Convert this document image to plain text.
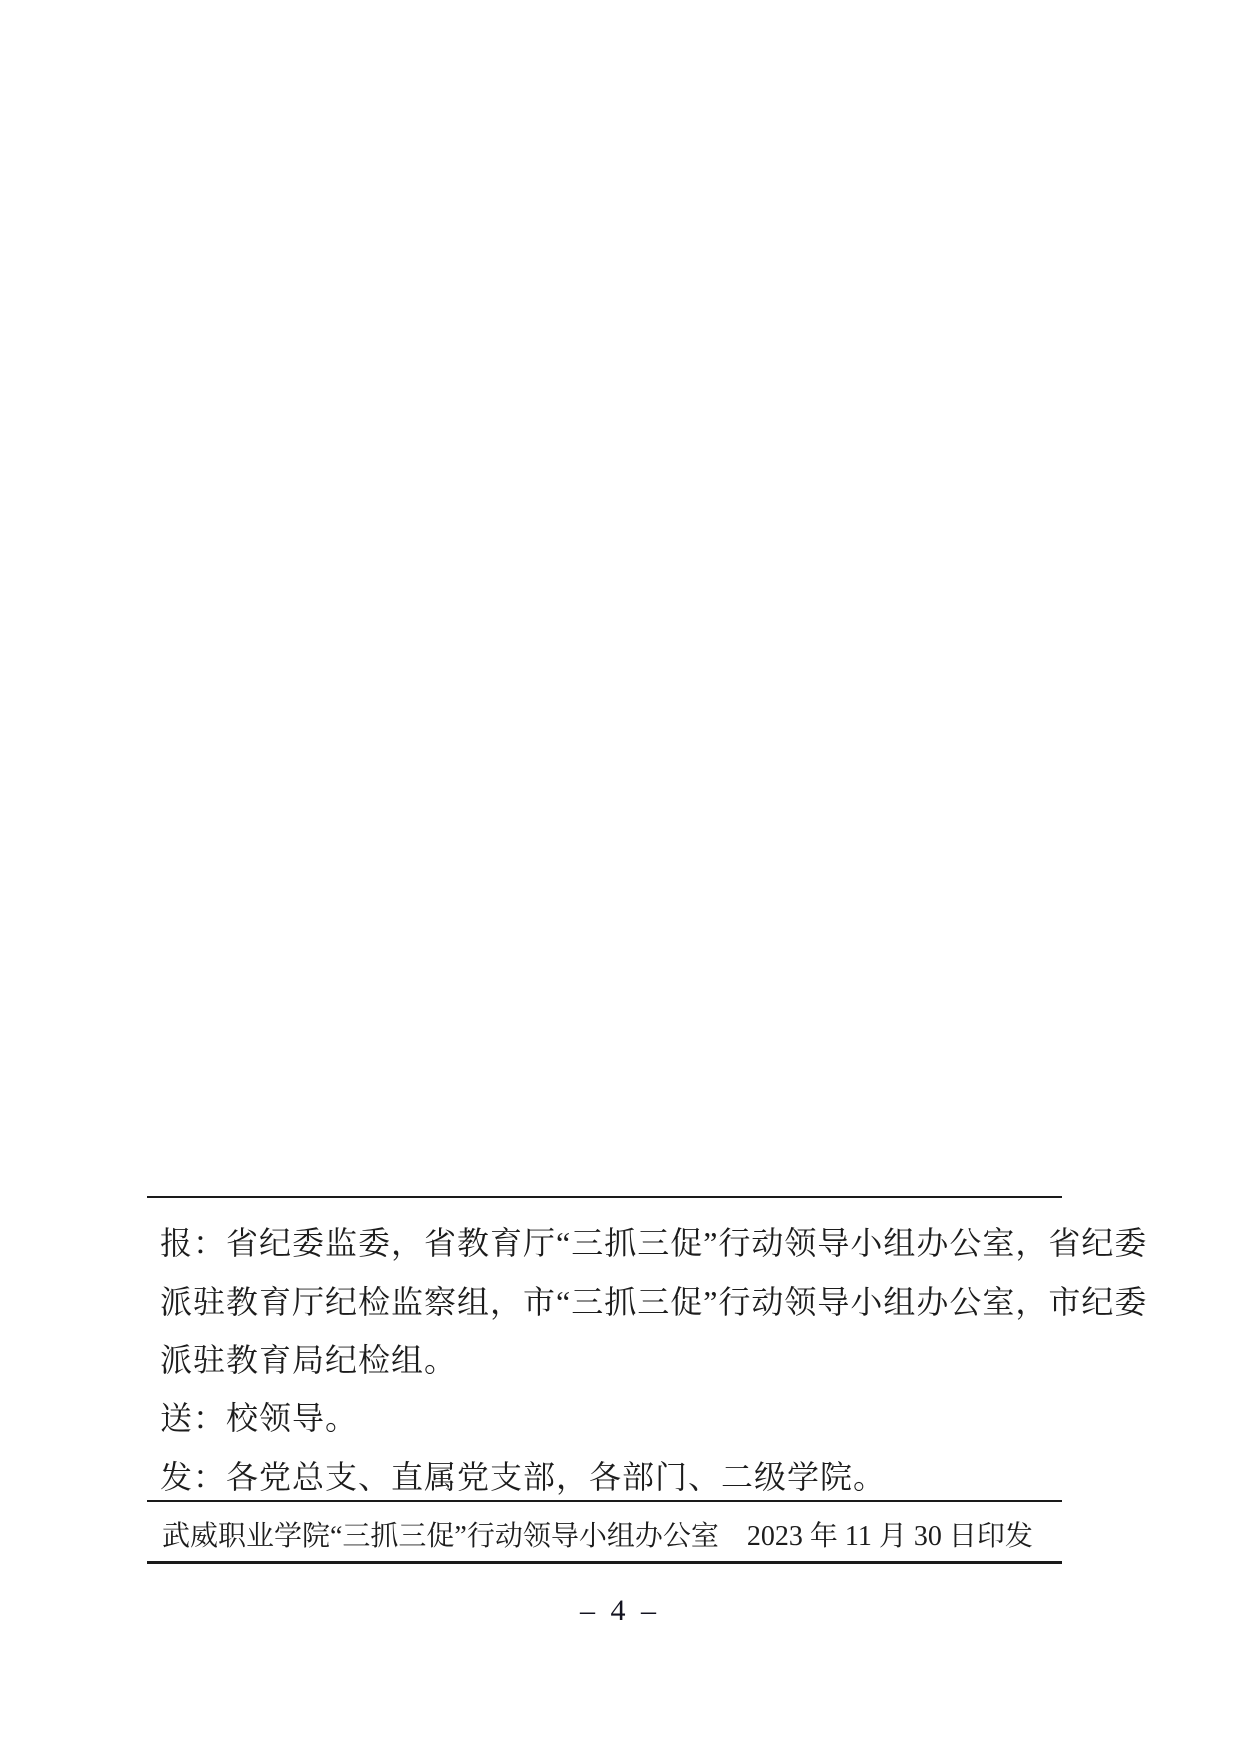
报：省纪委监委，省教育厅“三抓三促”行动领导小组办公室，省纪委
派驻教育厅纪检监察组，市“三抓三促”行动领导小组办公室，市纪委
派驻教育局纪检组。
送：校领导。
发：各党总支、直属党支部，各部门、二级学院。
武威职业学院“三抓三促”行动领导小组办公室 2023 年 11 月 30 日印发
– 4 –
